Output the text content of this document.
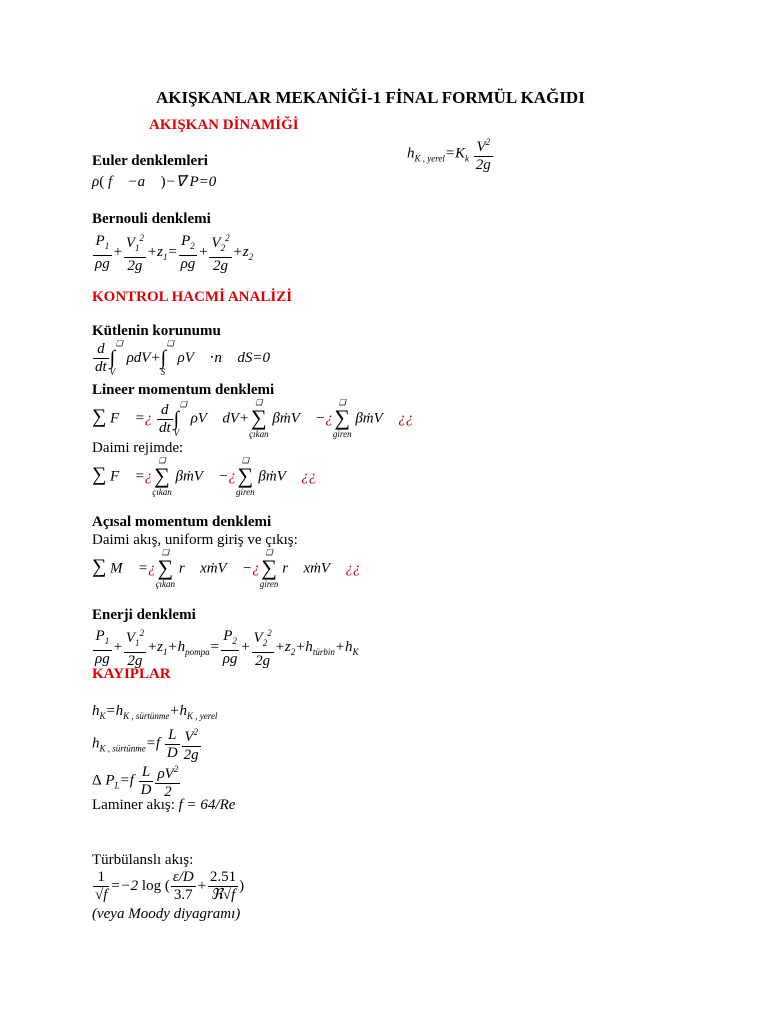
AKIŞKANLAR MEKANİĞİ-1 FİNAL FORMÜL KAĞIDI
AKIŞKAN DİNAMİĞİ
$h_{K , yerel}=K_k \frac{V^2}{2g}$
Euler denklemleri
ρ( f⃗ −a⃗ )−∇⃗ P=0
Bernouli denklemi
$\frac{P_1}{\rho g} + \frac{V_1^2}{2g} +z_1= \frac{P_2}{\rho g} + \frac{V_2^2}{2g} +z_2$
KONTROL HACMİ ANALİZİ
Kütlenin korunumu
$\frac{d}{dt}$ ❑
∫
V
ρdV+
❑
∫
S
ρV⃗ ⋅n⃗ dS=0
Lineer momentum denklemi
∑ F⃗ =¿ $\frac{d}{dt}$ ❑
∫
V
ρV⃗ dV+
❑
∑
çıkan
βṁV⃗ −¿
❑
∑
giren
βṁV⃗ ¿¿
Daimi rejimde:
∑ F⃗ =¿
❑
∑
çıkan
βṁV⃗ −¿
❑
∑
giren
βṁV⃗ ¿¿
Açısal momentum denklemi
Daimi akış, uniform giriş ve çıkış:
∑ M⃗ =¿
❑
∑
çıkan
r⃗ xṁV⃗ −¿
❑
∑
giren
r⃗ xṁV⃗ ¿¿
Enerji denklemi
$\frac{P_1}{\rho g} + \frac{V_1^2}{2g} +z_1+h_{pompa}= \frac{P_2}{\rho g} + \frac{V_2^2}{2g} +z_2+h_{türbin}+h_K$
KAYIPLAR
$h_K=h_{K , sürtünme}+h_{K , yerel}$
$h_{K , sürtünme}=f \frac{L}{D} \frac{V^2}{2g}$
Δ $P_L=f \frac{L}{D} \frac{\rho V^2}{2}$
Laminer akış: f = 64/Re
Türbülanslı akış:
$\frac{1}{√f} =-2$ log ( $\frac{\varepsilon/D}{3.7} + \frac{2.51}{\text{ℜ√f}}$ )
(veya Moody diyagramı)
